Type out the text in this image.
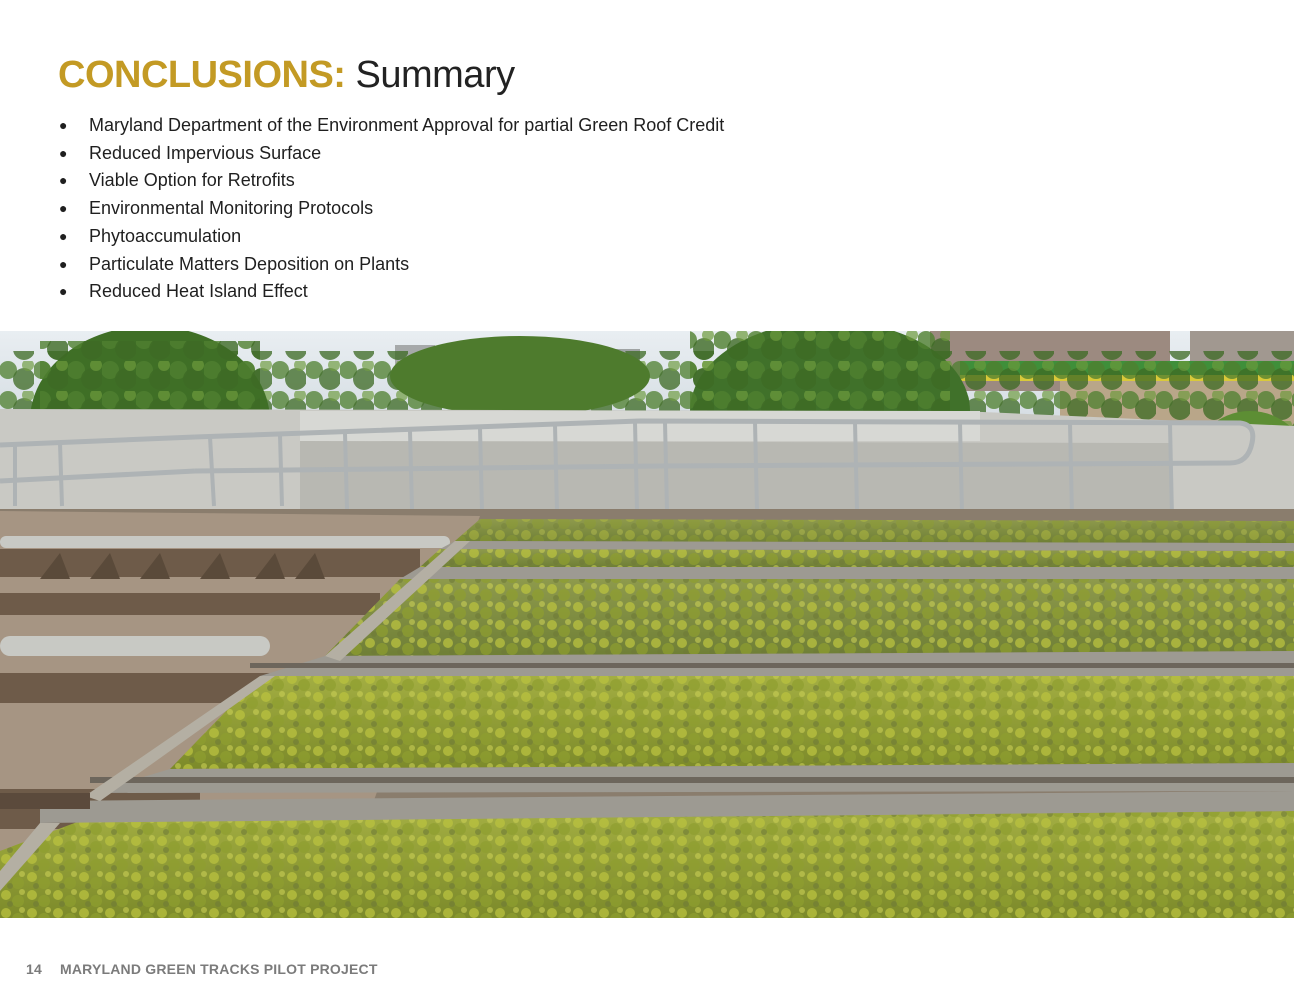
CONCLUSIONS: Summary
●	Maryland Department of the Environment Approval for partial Green Roof Credit
●	Reduced Impervious Surface
●	Viable Option for Retrofits
●	Environmental Monitoring Protocols
●	Phytoaccumulation
●	Particulate Matters Deposition on Plants
●	Reduced Heat Island Effect
14 MARYLAND GREEN TRACKS PILOT PROJECT
